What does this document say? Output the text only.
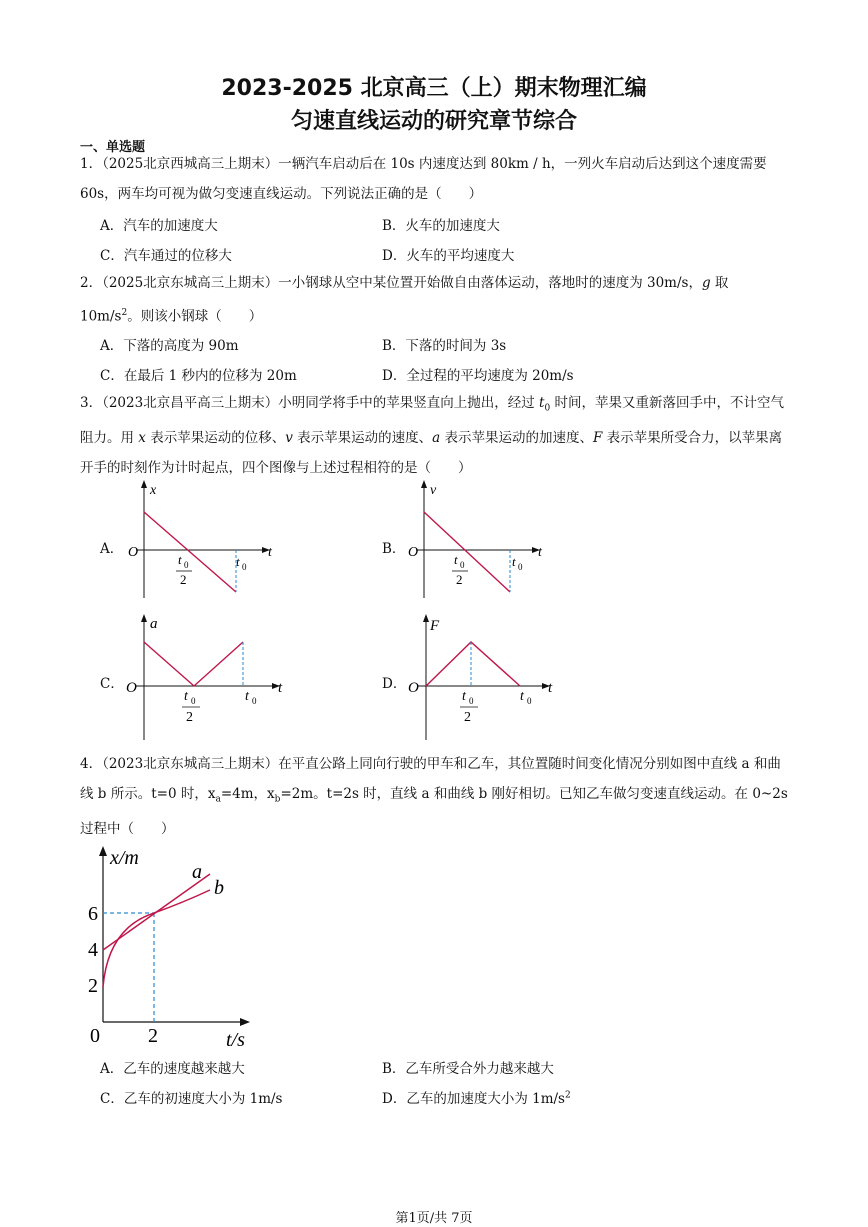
2023-2025 北京高三（上）期末物理汇编
匀速直线运动的研究章节综合
一、单选题
1．（2025北京西城高三上期末）一辆汽车启动后在 10s 内速度达到 80km / h，一列火车启动后达到这个速度需要 60s，两车均可视为做匀变速直线运动。下列说法正确的是（　　）
A．汽车的加速度大	B．火车的加速度大
C．汽车通过的位移大	D．火车的平均速度大
2．（2025北京东城高三上期末）一小钢球从空中某位置开始做自由落体运动，落地时的速度为 30m/s，g 取 $10m/s^2$。则该小钢球（　　）
A．下落的高度为 90m	B．下落的时间为 3s
C．在最后 1 秒内的位移为 20m	D．全过程的平均速度为 20m/s
3．（2023北京昌平高三上期末）小明同学将手中的苹果竖直向上抛出，经过 $t_0$ 时间，苹果又重新落回手中，不计空气阻力。用 x 表示苹果运动的位移、v 表示苹果运动的速度、a 表示苹果运动的加速度、F 表示苹果所受合力，以苹果离开手的时刻作为计时起点，四个图像与上述过程相符的是（　　）
A．	B．
C．	D．
x
O	t
t 0
2
t 0
v
O	t
t 0
2
t 0
a
O	t
t 0
2
t 0
F
O	t
t 0
2
t 0
4．（2023北京东城高三上期末）在平直公路上同向行驶的甲车和乙车，其位置随时间变化情况分别如图中直线 a 和曲线 b 所示。t=0 时，$x_a=4m$，$x_b=2m$。t=2s 时，直线 a 和曲线 b 刚好相切。已知乙车做匀变速直线运动。在 0~2s 过程中（　　）
x/m
t/s
0
6
4
2
2
a
b
A．乙车的速度越来越大	B．乙车所受合外力越来越大
C．乙车的初速度大小为 1m/s	D．乙车的加速度大小为 $1m/s^2$
第1页/共 7页
